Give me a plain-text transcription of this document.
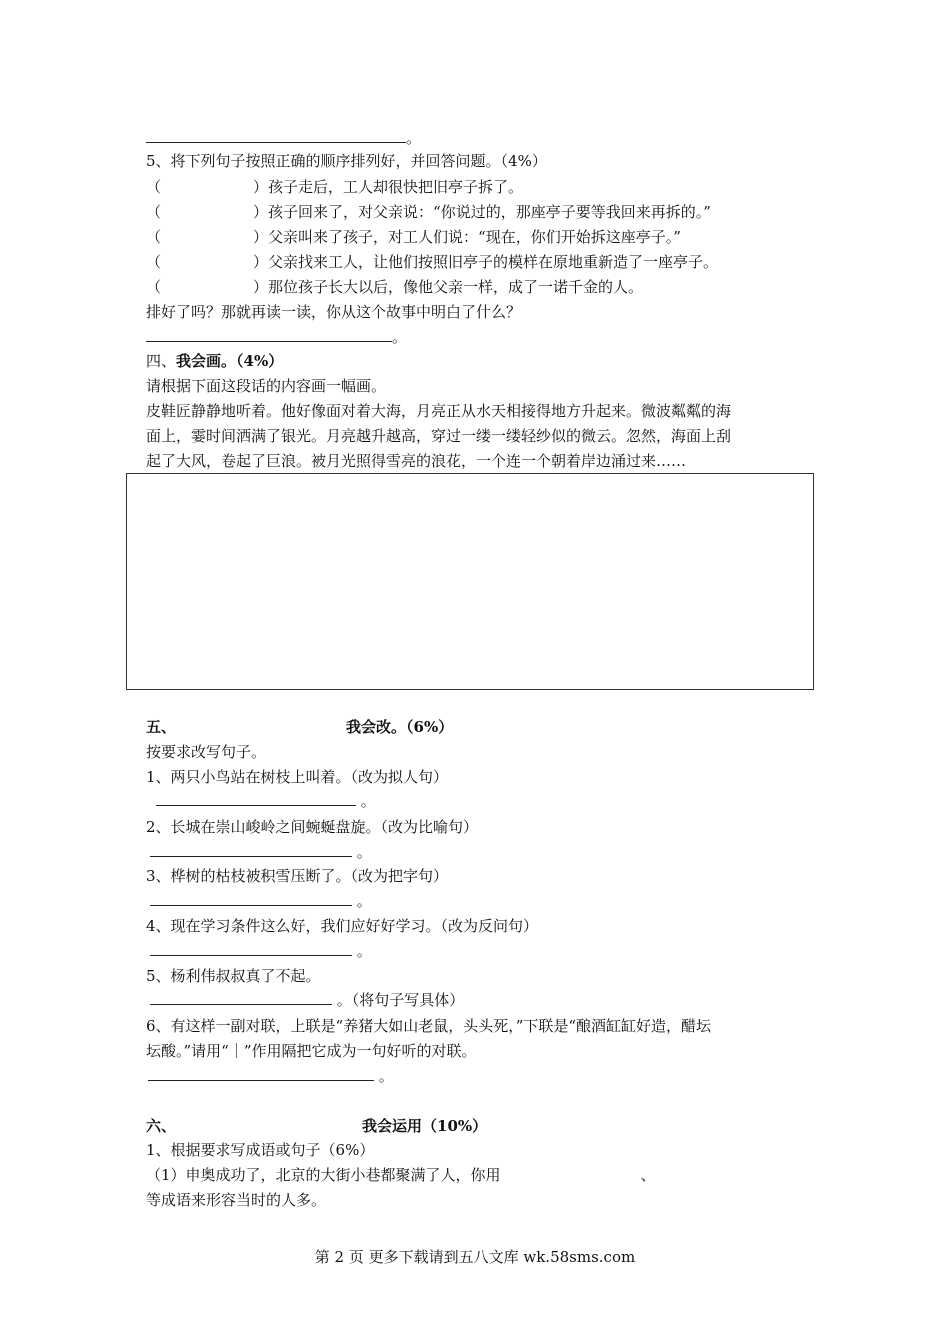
。
5、将下列句子按照正确的顺序排列好，并回答问题。（4%）
（	）孩子走后，工人却很快把旧亭子拆了。
（	）孩子回来了，对父亲说：“你说过的，那座亭子要等我回来再拆的。”
（	）父亲叫来了孩子，对工人们说：“现在，你们开始拆这座亭子。”
（	）父亲找来工人，让他们按照旧亭子的模样在原地重新造了一座亭子。
（	）那位孩子长大以后，像他父亲一样，成了一诺千金的人。
排好了吗？那就再读一读，你从这个故事中明白了什么？
。
四、我会画。（4%）
请根据下面这段话的内容画一幅画。
皮鞋匠静静地听着。他好像面对着大海，月亮正从水天相接得地方升起来。微波粼粼的海
面上，霎时间洒满了银光。月亮越升越高，穿过一缕一缕轻纱似的微云。忽然，海面上刮
起了大风，卷起了巨浪。被月光照得雪亮的浪花，一个连一个朝着岸边涌过来……
五、	我会改。（6%）
按要求改写句子。
1、两只小鸟站在树枝上叫着。（改为拟人句）
。
2、长城在崇山峻岭之间蜿蜒盘旋。（改为比喻句）
。
3、桦树的枯枝被积雪压断了。（改为把字句）
。
4、现在学习条件这么好，我们应好好学习。（改为反问句）
。
5、杨利伟叔叔真了不起。
。（将句子写具体）
6、有这样一副对联，上联是“养猪大如山老鼠，头头死，”下联是“酿酒缸缸好造，醋坛
坛酸。”请用“｜”作用隔把它成为一句好听的对联。
。
六、	我会运用（10%）
1、根据要求写成语或句子（6%）
（1）申奥成功了，北京的大街小巷都聚满了人，你用	、
等成语来形容当时的人多。
第 2 页 更多下载请到五八文库 wk.58sms.com
